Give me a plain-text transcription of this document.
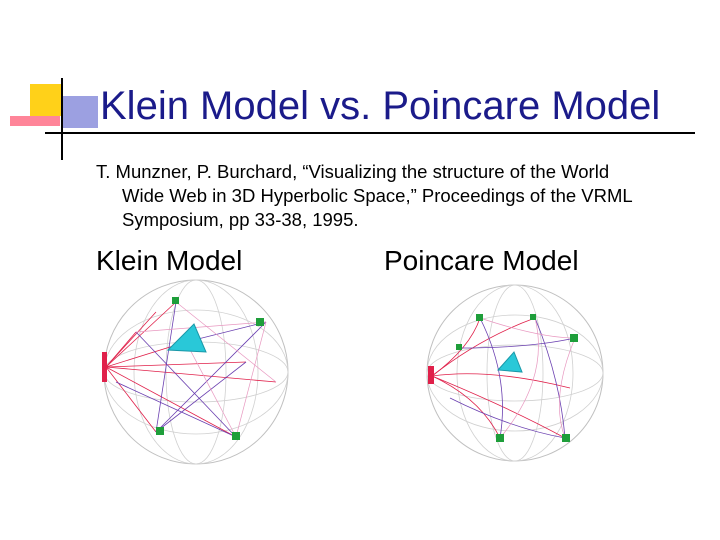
Klein Model vs. Poincare Model

T. Munzner, P. Burchard, “Visualizing the structure of the World
Wide Web in 3D Hyperbolic Space,” Proceedings of the VRML
Symposium, pp 33-38, 1995.

Klein Model	Poincare Model
